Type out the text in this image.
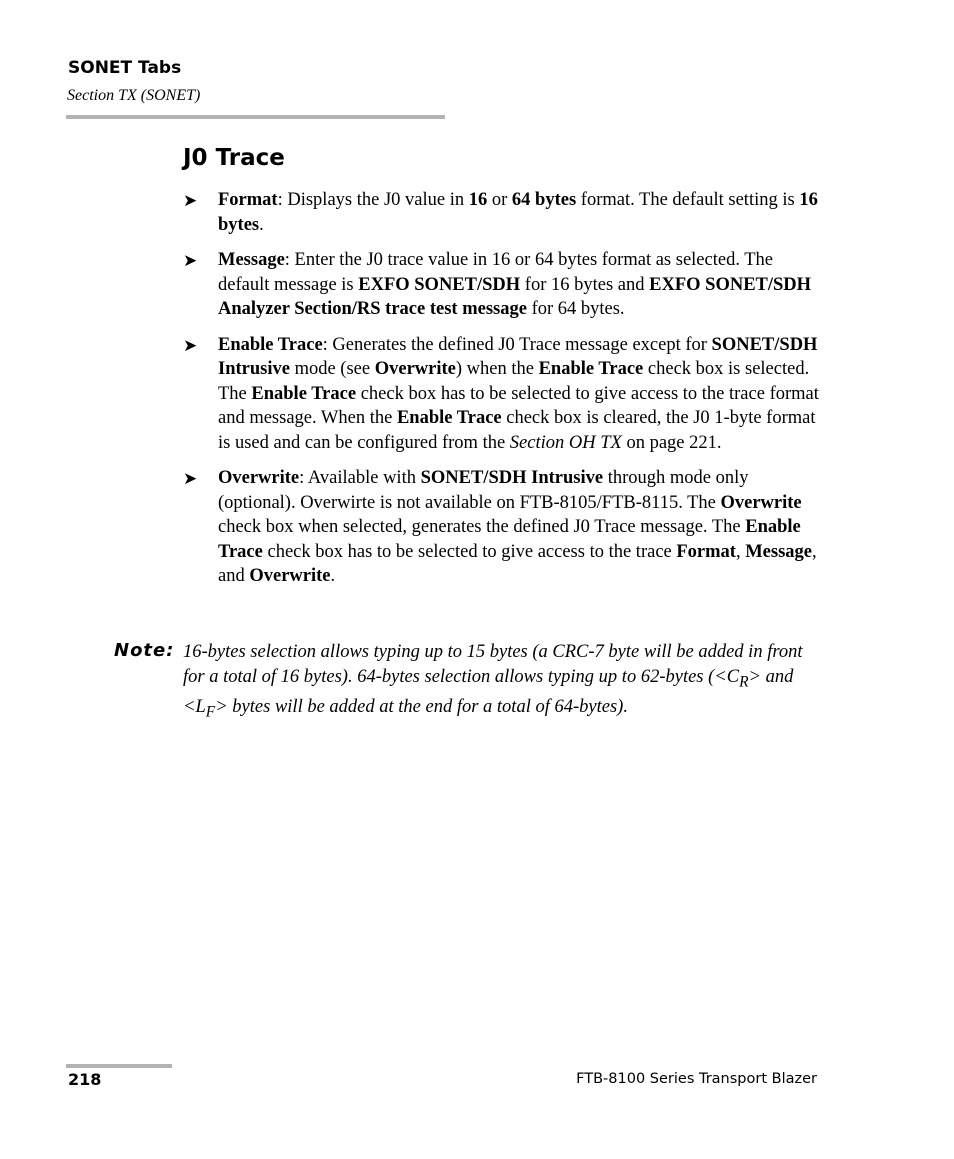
SONET Tabs
Section TX (SONET)
J0 Trace
➤ Format: Displays the J0 value in 16 or 64 bytes format. The default setting is 16 bytes.
➤ Message: Enter the J0 trace value in 16 or 64 bytes format as selected. The default message is EXFO SONET/SDH for 16 bytes and EXFO SONET/SDH Analyzer Section/RS trace test message for 64 bytes.
➤ Enable Trace: Generates the defined J0 Trace message except for SONET/SDH Intrusive mode (see Overwrite) when the Enable Trace check box is selected. The Enable Trace check box has to be selected to give access to the trace format and message. When the Enable Trace check box is cleared, the J0 1-byte format is used and can be configured from the Section OH TX on page 221.
➤ Overwrite: Available with SONET/SDH Intrusive through mode only (optional). Overwirte is not available on FTB-8105/FTB-8115. The Overwrite check box when selected, generates the defined J0 Trace message. The Enable Trace check box has to be selected to give access to the trace Format, Message, and Overwrite.
Note: 16-bytes selection allows typing up to 15 bytes (a CRC-7 byte will be added in front for a total of 16 bytes). 64-bytes selection allows typing up to 62-bytes ($<C_R>$ and $<L_F>$ bytes will be added at the end for a total of 64-bytes).
218	FTB-8100 Series Transport Blazer
